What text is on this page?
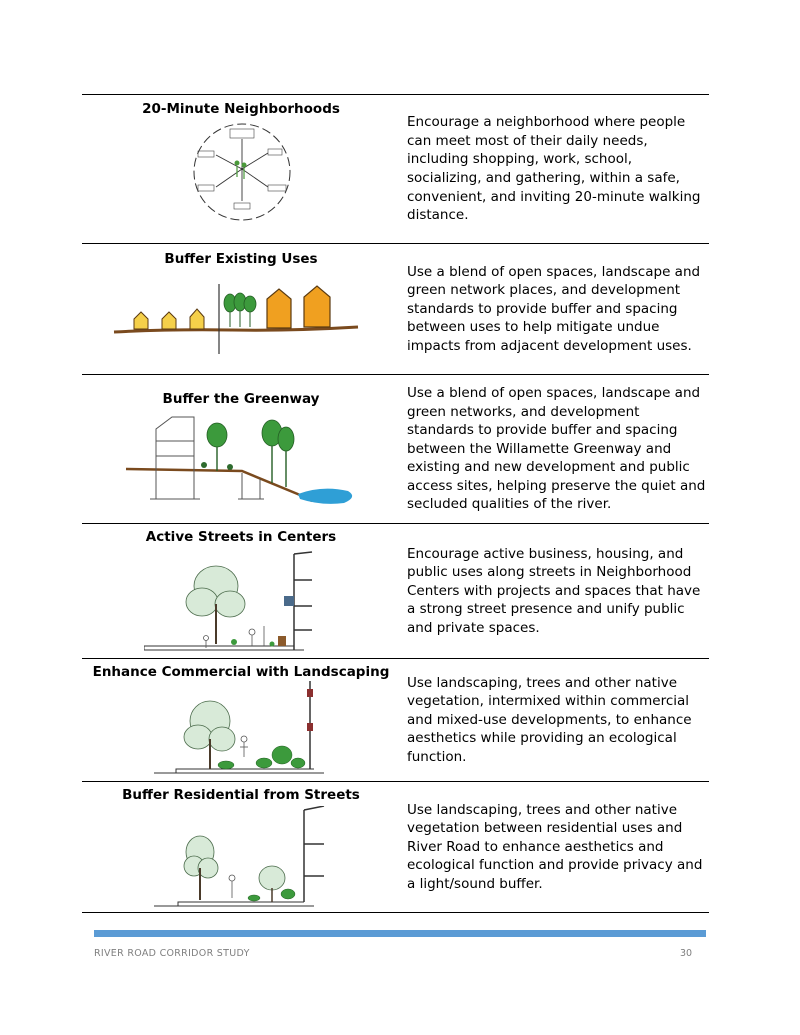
20-Minute Neighborhoods
Encourage a neighborhood where people can meet most of their daily needs, including shopping, work, school, socializing, and gathering, within a safe, convenient, and inviting 20-minute walking distance.
Buffer Existing Uses
Use a blend of open spaces, landscape and green network places, and development standards to provide buffer and spacing between uses to help mitigate undue impacts from adjacent development uses.
Buffer the Greenway	Use a blend of open spaces, landscape and green networks, and development standards to provide buffer and spacing between the Willamette Greenway and existing and new development and public access sites, helping preserve the quiet and secluded qualities of the river.
Active Streets in Centers
Encourage active business, housing, and public uses along streets in Neighborhood Centers with projects and spaces that have a strong street presence and unify public and private spaces.
Enhance Commercial with Landscaping
Use landscaping, trees and other native vegetation, intermixed within commercial and mixed-use developments, to enhance aesthetics while providing an ecological function.
Buffer Residential from Streets
Use landscaping, trees and other native vegetation between residential uses and River Road to enhance aesthetics and ecological function and provide privacy and a light/sound buffer.
RIVER ROAD CORRIDOR STUDY	30
